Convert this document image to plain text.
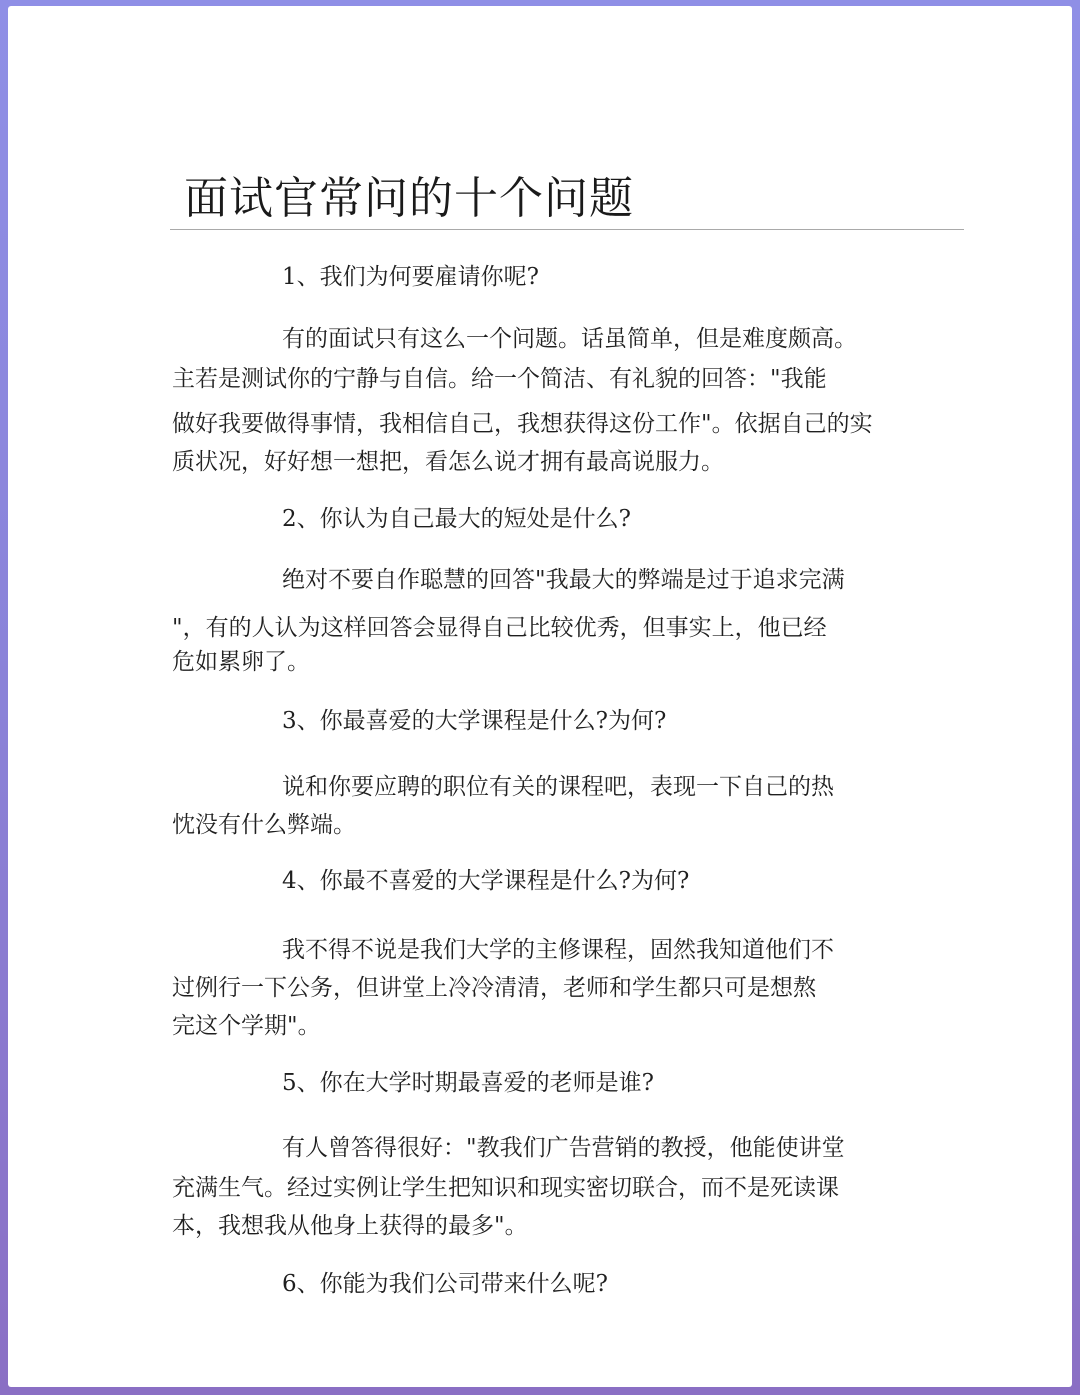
面试官常问的十个问题

1、我们为何要雇请你呢?

有的面试只有这么一个问题。话虽简单，但是难度颇高。
主若是测试你的宁静与自信。给一个简洁、有礼貌的回答："我能
做好我要做得事情，我相信自己，我想获得这份工作"。依据自己的实
质状况，好好想一想把，看怎么说才拥有最高说服力。

2、你认为自己最大的短处是什么?

绝对不要自作聪慧的回答"我最大的弊端是过于追求完满
"，有的人认为这样回答会显得自己比较优秀，但事实上，他已经
危如累卵了。

3、你最喜爱的大学课程是什么?为何?

说和你要应聘的职位有关的课程吧，表现一下自己的热
忱没有什么弊端。

4、你最不喜爱的大学课程是什么?为何?

我不得不说是我们大学的主修课程，固然我知道他们不
过例行一下公务，但讲堂上冷冷清清，老师和学生都只可是想熬
完这个学期"。

5、你在大学时期最喜爱的老师是谁?

有人曾答得很好："教我们广告营销的教授，他能使讲堂
充满生气。经过实例让学生把知识和现实密切联合，而不是死读课
本，我想我从他身上获得的最多"。

6、你能为我们公司带来什么呢?
